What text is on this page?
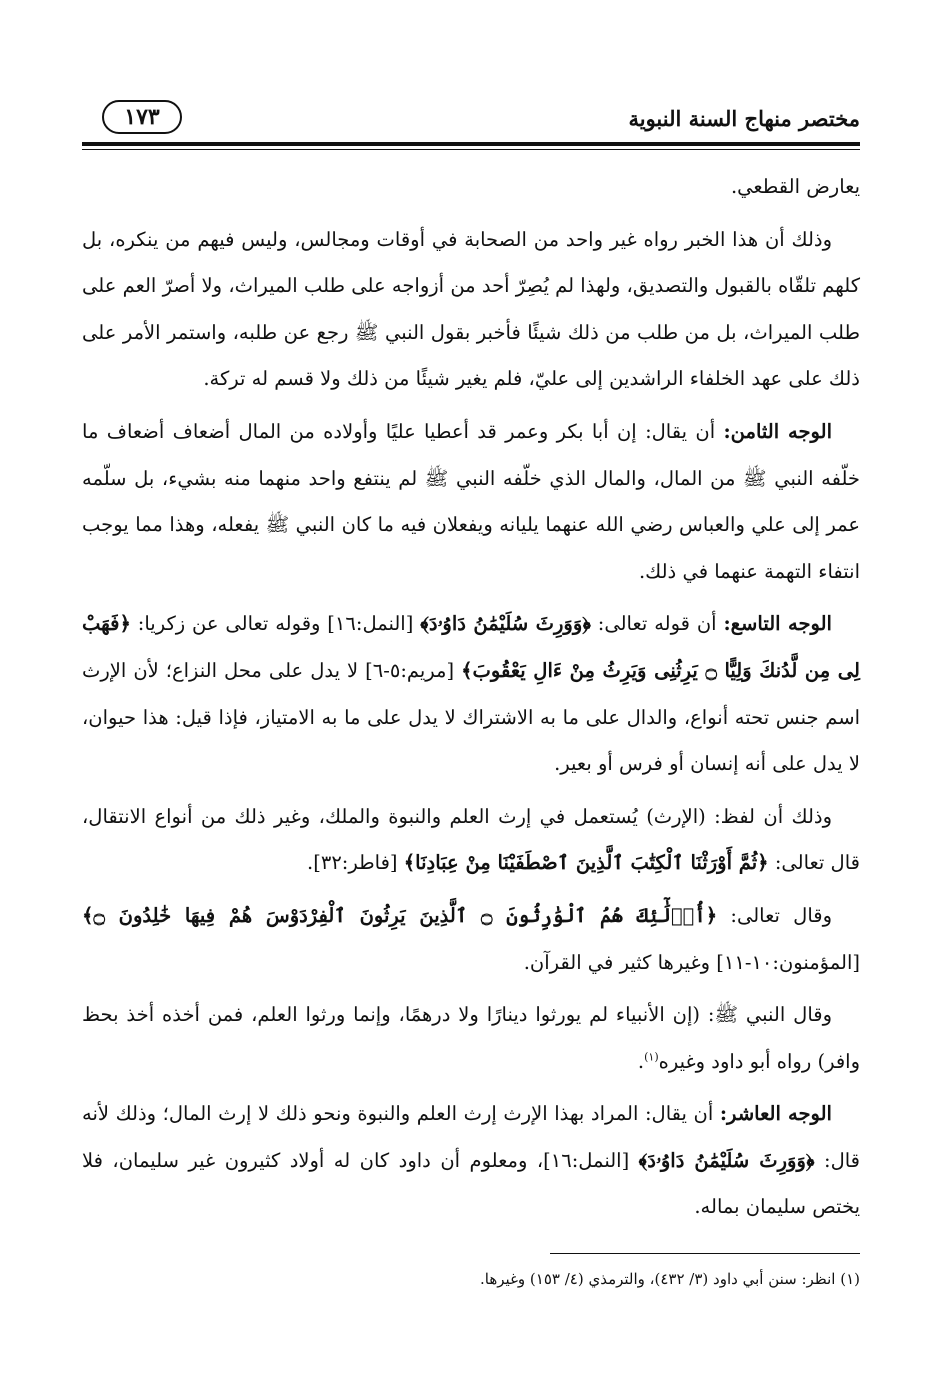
مختصر منهاج السنة النبوية
١٧٣

يعارض القطعي.

وذلك أن هذا الخبر رواه غير واحد من الصحابة في أوقات ومجالس، وليس فيهم من ينكره، بل كلهم تلقّاه بالقبول والتصديق، ولهذا لم يُصِرّ أحد من أزواجه على طلب الميراث، ولا أصرّ العم على طلب الميراث، بل من طلب من ذلك شيئًا فأخبر بقول النبي ﷺ رجع عن طلبه، واستمر الأمر على ذلك على عهد الخلفاء الراشدين إلى عليّ، فلم يغير شيئًا من ذلك ولا قسم له تركة.

الوجه الثامن: أن يقال: إن أبا بكر وعمر قد أعطيا عليًا وأولاده من المال أضعاف أضعاف ما خلّفه النبي ﷺ من المال، والمال الذي خلّفه النبي ﷺ لم ينتفع واحد منهما منه بشيء، بل سلّمه عمر إلى علي والعباس رضي الله عنهما يليانه ويفعلان فيه ما كان النبي ﷺ يفعله، وهذا مما يوجب انتفاء التهمة عنهما في ذلك.

الوجه التاسع: أن قوله تعالى: ﴿وَوَرِثَ سُلَيْمَٰنُ دَاوُۥدَ﴾ [النمل:١٦] وقوله تعالى عن زكريا: ﴿فَهَبْ لِى مِن لَّدُنكَ وَلِيًّا ۝ يَرِثُنِى وَيَرِثُ مِنْ ءَالِ يَعْقُوبَ﴾ [مريم:٥-٦] لا يدل على محل النزاع؛ لأن الإرث اسم جنس تحته أنواع، والدال على ما به الاشتراك لا يدل على ما به الامتياز، فإذا قيل: هذا حيوان، لا يدل على أنه إنسان أو فرس أو بعير.

وذلك أن لفظ: (الإرث) يُستعمل في إرث العلم والنبوة والملك، وغير ذلك من أنواع الانتقال، قال تعالى: ﴿ثُمَّ أَوْرَثْنَا ٱلْكِتَٰبَ ٱلَّذِينَ ٱصْطَفَيْنَا مِنْ عِبَادِنَا﴾ [فاطر:٣٢].

وقال تعالى: ﴿أُو۟لَٰٓئِكَ هُمُ ٱلْوَٰرِثُونَ ۝ ٱلَّذِينَ يَرِثُونَ ٱلْفِرْدَوْسَ هُمْ فِيهَا خَٰلِدُونَ ۝﴾ [المؤمنون:١٠-١١] وغيرها كثير في القرآن.

وقال النبي ﷺ: (إن الأنبياء لم يورثوا دينارًا ولا درهمًا، وإنما ورثوا العلم، فمن أخذه أخذ بحظ وافر) رواه أبو داود وغيره$^{(١)}$.

الوجه العاشر: أن يقال: المراد بهذا الإرث إرث العلم والنبوة ونحو ذلك لا إرث المال؛ وذلك لأنه قال: ﴿وَوَرِثَ سُلَيْمَٰنُ دَاوُۥدَ﴾ [النمل:١٦]، ومعلوم أن داود كان له أولاد كثيرون غير سليمان، فلا يختص سليمان بماله.

(١) انظر: سنن أبي داود (٣/ ٤٣٢)، والترمذي (٤/ ١٥٣) وغيرها.
